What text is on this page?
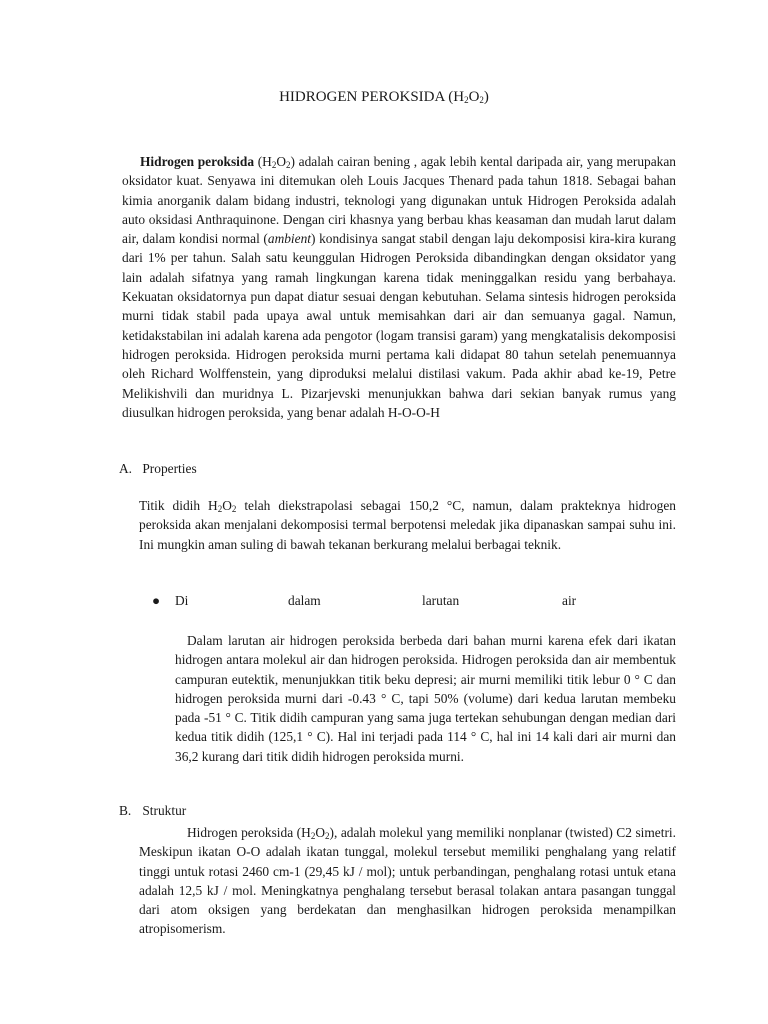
HIDROGEN PEROKSIDA $(H_2O_2)$

Hidrogen peroksida $(H_2O_2)$ adalah cairan bening , agak lebih kental daripada air, yang merupakan oksidator kuat. Senyawa ini ditemukan oleh Louis Jacques Thenard pada tahun 1818. Sebagai bahan kimia anorganik dalam bidang industri, teknologi yang digunakan untuk Hidrogen Peroksida adalah auto oksidasi Anthraquinone. Dengan ciri khasnya yang berbau khas keasaman dan mudah larut dalam air, dalam kondisi normal (ambient) kondisinya sangat stabil dengan laju dekomposisi kira-kira kurang dari 1% per tahun. Salah satu keunggulan Hidrogen Peroksida dibandingkan dengan oksidator yang lain adalah sifatnya yang ramah lingkungan karena tidak meninggalkan residu yang berbahaya. Kekuatan oksidatornya pun dapat diatur sesuai dengan kebutuhan. Selama sintesis hidrogen peroksida murni tidak stabil pada upaya awal untuk memisahkan dari air dan semuanya gagal. Namun, ketidakstabilan ini adalah karena ada pengotor (logam transisi garam) yang mengkatalisis dekomposisi hidrogen peroksida. Hidrogen peroksida murni pertama kali didapat 80 tahun setelah penemuannya oleh Richard Wolffenstein, yang diproduksi melalui distilasi vakum. Pada akhir abad ke-19, Petre Melikishvili dan muridnya L. Pizarjevski menunjukkan bahwa dari sekian banyak rumus yang diusulkan hidrogen peroksida, yang benar adalah H-O-O-H

A. Properties

Titik didih $H_2O_2$ telah diekstrapolasi sebagai 150,2 °C, namun, dalam prakteknya hidrogen peroksida akan menjalani dekomposisi termal berpotensi meledak jika dipanaskan sampai suhu ini. Ini mungkin aman suling di bawah tekanan berkurang melalui berbagai teknik.

● Di	dalam	larutan	air

Dalam larutan air hidrogen peroksida berbeda dari bahan murni karena efek dari ikatan hidrogen antara molekul air dan hidrogen peroksida. Hidrogen peroksida dan air membentuk campuran eutektik, menunjukkan titik beku depresi; air murni memiliki titik lebur 0 ° C dan hidrogen peroksida murni dari -0.43 ° C, tapi 50% (volume) dari kedua larutan membeku pada -51 ° C. Titik didih campuran yang sama juga tertekan sehubungan dengan median dari kedua titik didih (125,1 ° C). Hal ini terjadi pada 114 ° C, hal ini 14 kali dari air murni dan 36,2 kurang dari titik didih hidrogen peroksida murni.

B. Struktur

Hidrogen peroksida $(H_2O_2)$, adalah molekul yang memiliki nonplanar (twisted) C2 simetri. Meskipun ikatan O-O adalah ikatan tunggal, molekul tersebut memiliki penghalang yang relatif tinggi untuk rotasi 2460 cm-1 (29,45 kJ / mol); untuk perbandingan, penghalang rotasi untuk etana adalah 12,5 kJ / mol. Meningkatnya penghalang tersebut berasal tolakan antara pasangan tunggal dari atom oksigen yang berdekatan dan menghasilkan hidrogen peroksida menampilkan atropisomerism.
